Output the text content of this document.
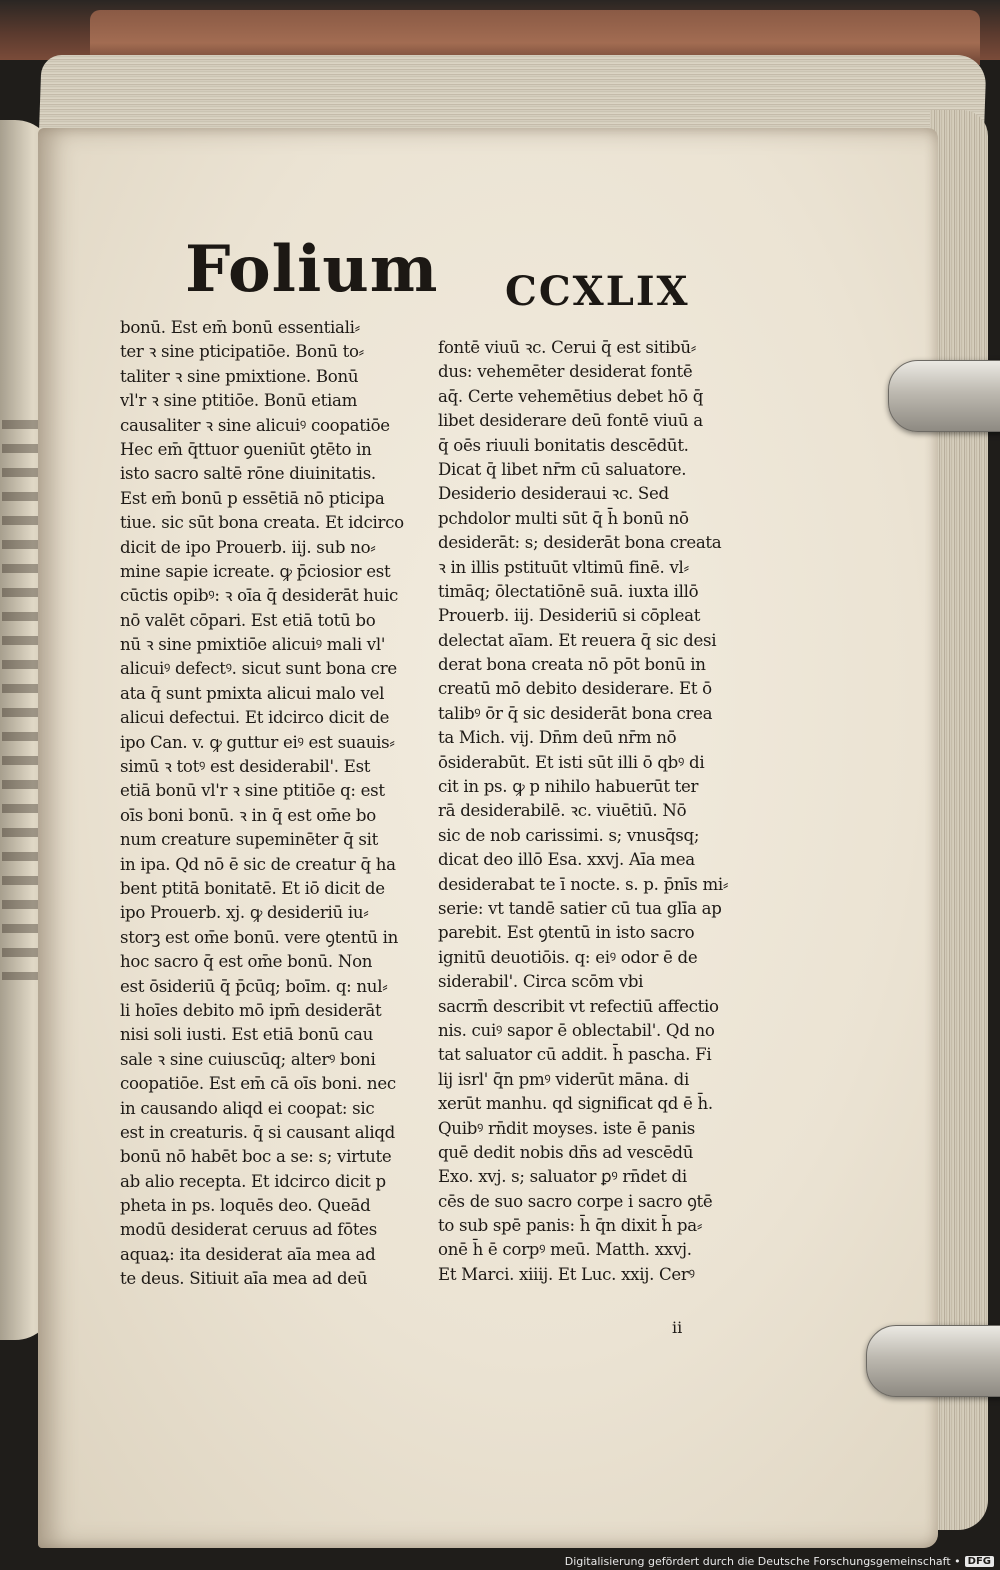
Folium CCXLIX
bonū. Est em̄ bonū essentiali⸗
ter ꝛ sine pticipatiōe. Bonū to⸗
taliter ꝛ sine pmixtione. Bonū
vl'r ꝛ sine ptitiōe. Bonū etiam
causaliter ꝛ sine alicuiꝰ coopatiōe
Hec em̄ q̄ttuor ꝯueniūt ꝯtēto in
isto sacro saltē rōne diuinitatis.
Est em̄ bonū p essētiā nō pticipa
tiue. sic sūt bona creata. Et idcirco
dicit de ipo Prouerb. iij. sub no⸗
mine sapie icreate. ꝙ p̄ciosior est
cūctis opibꝰ: ꝛ oīa q̄ desiderāt huic
nō valēt cōpari. Est etiā totū bo
nū ꝛ sine pmixtiōe alicuiꝰ mali vl'
alicuiꝰ defectꝰ. sicut sunt bona cre
ata q̄ sunt pmixta alicui malo vel
alicui defectui. Et idcirco dicit de
ipo Can. v. ꝙ guttur eiꝰ est suauis⸗
simū ꝛ totꝰ est desiderabil'. Est
etiā bonū vl'r ꝛ sine ptitiōe q: est
oīs boni bonū. ꝛ in q̄ est om̄e bo
num creature supeminēter q̄ sit
in ipa. Qd nō ē sic de creatur q̄ ha
bent ptitā bonitatē. Et iō dicit de
ipo Prouerb. xj. ꝙ desideriū iu⸗
storꝫ est om̄e bonū. vere ꝯtentū in
hoc sacro q̄ est om̄e bonū. Non
est ōsideriū q̄ p̄cūq; boīm. q: nul⸗
li hoīes debito mō ipm̄ desiderāt
nisi soli iusti. Est etiā bonū cau
sale ꝛ sine cuiuscūq; alterꝰ boni
coopatiōe. Est em̄ cā oīs boni. nec
in causando aliqd ei coopat: sic
est in creaturis. q̄ si causant aliqd
bonū nō habēt boc a se: s; virtute
ab alio recepta. Et idcirco dicit p
pheta in ps. loquēs deo. Queād
modū desiderat ceruus ad fōtes
aquaꝝ: ita desiderat aīa mea ad
te deus. Sitiuit aīa mea ad deū
fontē viuū ꝛc. Cerui q̄ est sitibū⸗
dus: vehemēter desiderat fontē
aq̄. Certe vehemētius debet hō q̄
libet desiderare deū fontē viuū a
q̄ oēs riuuli bonitatis descēdūt.
Dicat q̄ libet nr̄m cū saluatore.
Desiderio desideraui ꝛc. Sed
pchdolor multi sūt q̄ h̄ bonū nō
desiderāt: s; desiderāt bona creata
ꝛ in illis pstituūt vltimū finē. vl⸗
timāq; ōlectatiōnē suā. iuxta illō
Prouerb. iij. Desideriū si cōpleat
delectat aīam. Et reuera q̄ sic desi
derat bona creata nō pōt bonū in
creatū mō debito desiderare. Et ō
talibꝰ ōr q̄ sic desiderāt bona crea
ta Mich. vij. Dn̄m deū nr̄m nō
ōsiderabūt. Et isti sūt illi ō qbꝰ di
cit in ps. ꝙ p nihilo habuerūt ter
rā desiderabilē. ꝛc. viuētiū. Nō
sic de nob carissimi. s; vnusq̄sq;
dicat deo illō Esa. xxvj. Aīa mea
desiderabat te ī nocte. s. p. p̄nīs mi⸗
serie: vt tandē satier cū tua glīa ap
parebit. Est ꝯtentū in isto sacro
ignitū deuotiōis. q: eiꝰ odor ē de
siderabil'. Circa scōm vbi
sacrm̄ describit vt refectiū affectio
nis. cuiꝰ sapor ē oblectabil'. Qd no
tat saluator cū addit. h̄ pascha. Fi
lij isrl' q̄n pmꝰ viderūt māna. di
xerūt manhu. qd significat qd ē h̄.
Quibꝰ rn̄dit moyses. iste ē panis
quē dedit nobis dn̄s ad vescēdū
Exo. xvj. s; saluator ꝑꝰ rn̄det di
cēs de suo sacro corpe i sacro ꝯtē
to sub spē panis: h̄ q̄n dixit h̄ pa⸗
onē h̄ ē corpꝰ meū. Matth. xxvj.
Et Marci. xiiij. Et Luc. xxij. Cerꝰ
ii
Digitalisierung gefördert durch die Deutsche Forschungsgemeinschaft • DFG
